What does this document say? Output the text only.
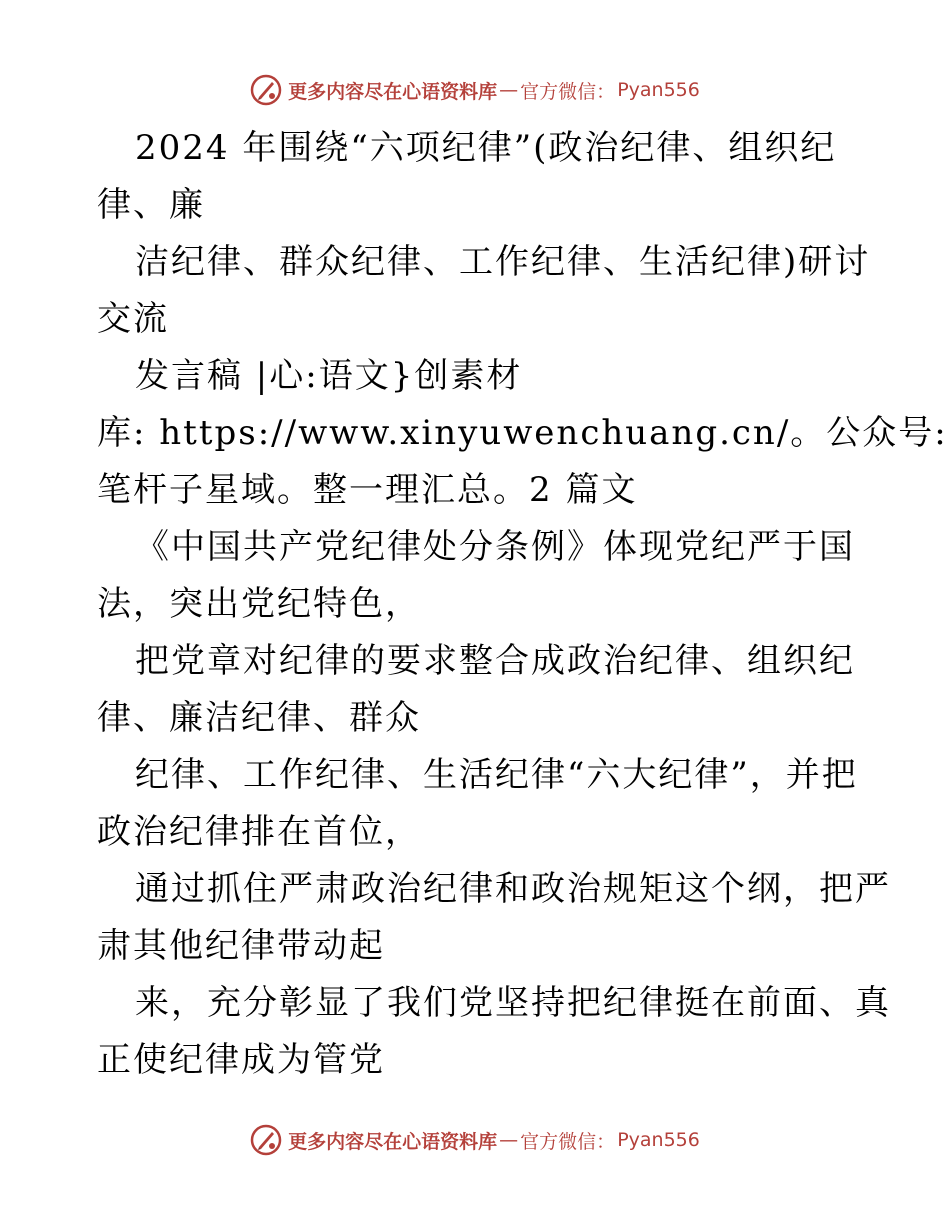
更多内容尽在心语资料库 — 官方微信： Pyan556
2024 年围绕“六项纪律”(政治纪律、组织纪
律、廉
洁纪律、群众纪律、工作纪律、生活纪律)研讨
交流
发言稿 |心:语文}创素材
库: https://www.xinyuwenchuang.cn/。公众号:
笔杆子星域。整一理汇总。2 篇文
《中国共产党纪律处分条例》体现党纪严于国
法，突出党纪特色，
把党章对纪律的要求整合成政治纪律、组织纪
律、廉洁纪律、群众
纪律、工作纪律、生活纪律“六大纪律”，并把
政治纪律排在首位，
通过抓住严肃政治纪律和政治规矩这个纲，把严
肃其他纪律带动起
来，充分彰显了我们党坚持把纪律挺在前面、真
正使纪律成为管党
更多内容尽在心语资料库 — 官方微信： Pyan556
